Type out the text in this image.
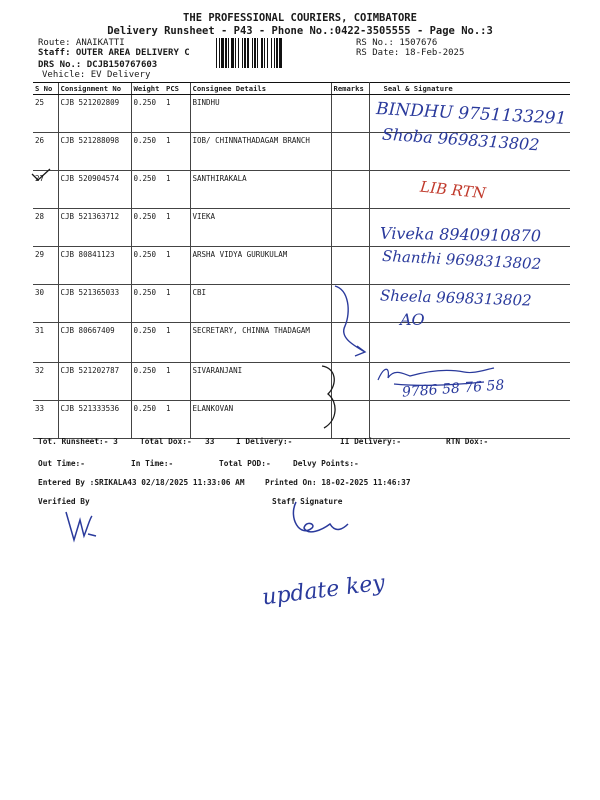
THE PROFESSIONAL COURIERS, COIMBATORE
Delivery Runsheet - P43 - Phone No.:0422-3505555 - Page No.:3
Route: ANAIKATTI
Staff: OUTER AREA DELIVERY C
DRS No.: DCJB150767603
Vehicle: EV Delivery
RS No.: 1507676
RS Date: 18-Feb-2025
S No	Consignment No	Weight	PCS	Consignee Details	Remarks	Seal & Signature
25	CJB 521202809	0.250	1	BINDHU		
26	CJB 521288098	0.250	1	IOB/ CHINNATHADAGAM BRANCH		
27	CJB 520904574	0.250	1	SANTHIRAKALA		
28	CJB 521363712	0.250	1	VIEKA		
29	CJB 80841123	0.250	1	ARSHA VIDYA GURUKULAM		
30	CJB 521365033	0.250	1	CBI		
31	CJB 80667409	0.250	1	SECRETARY, CHINNA THADAGAM		
32	CJB 521202787	0.250	1	SIVARANJANI		
33	CJB 521333536	0.250	1	ELANKOVAN		
Tot. Runsheet:- 3	Total Dox:- 33	I Delivery:-	II Delivery:-	RTN Dox:-
Out Time:-	In Time:-	Total POD:-	Delvy Points:-
Entered By :SRIKALA43 02/18/2025 11:33:06 AM	Printed On: 18-02-2025 11:46:37
Verified By	Staff Signature
BINDHU 9751133291
Shoba 9698313802
LIB RTN
Viveka 8940910870
Shanthi 9698313802
Sheela 9698313802
AO
9786 58 76 58
update key
